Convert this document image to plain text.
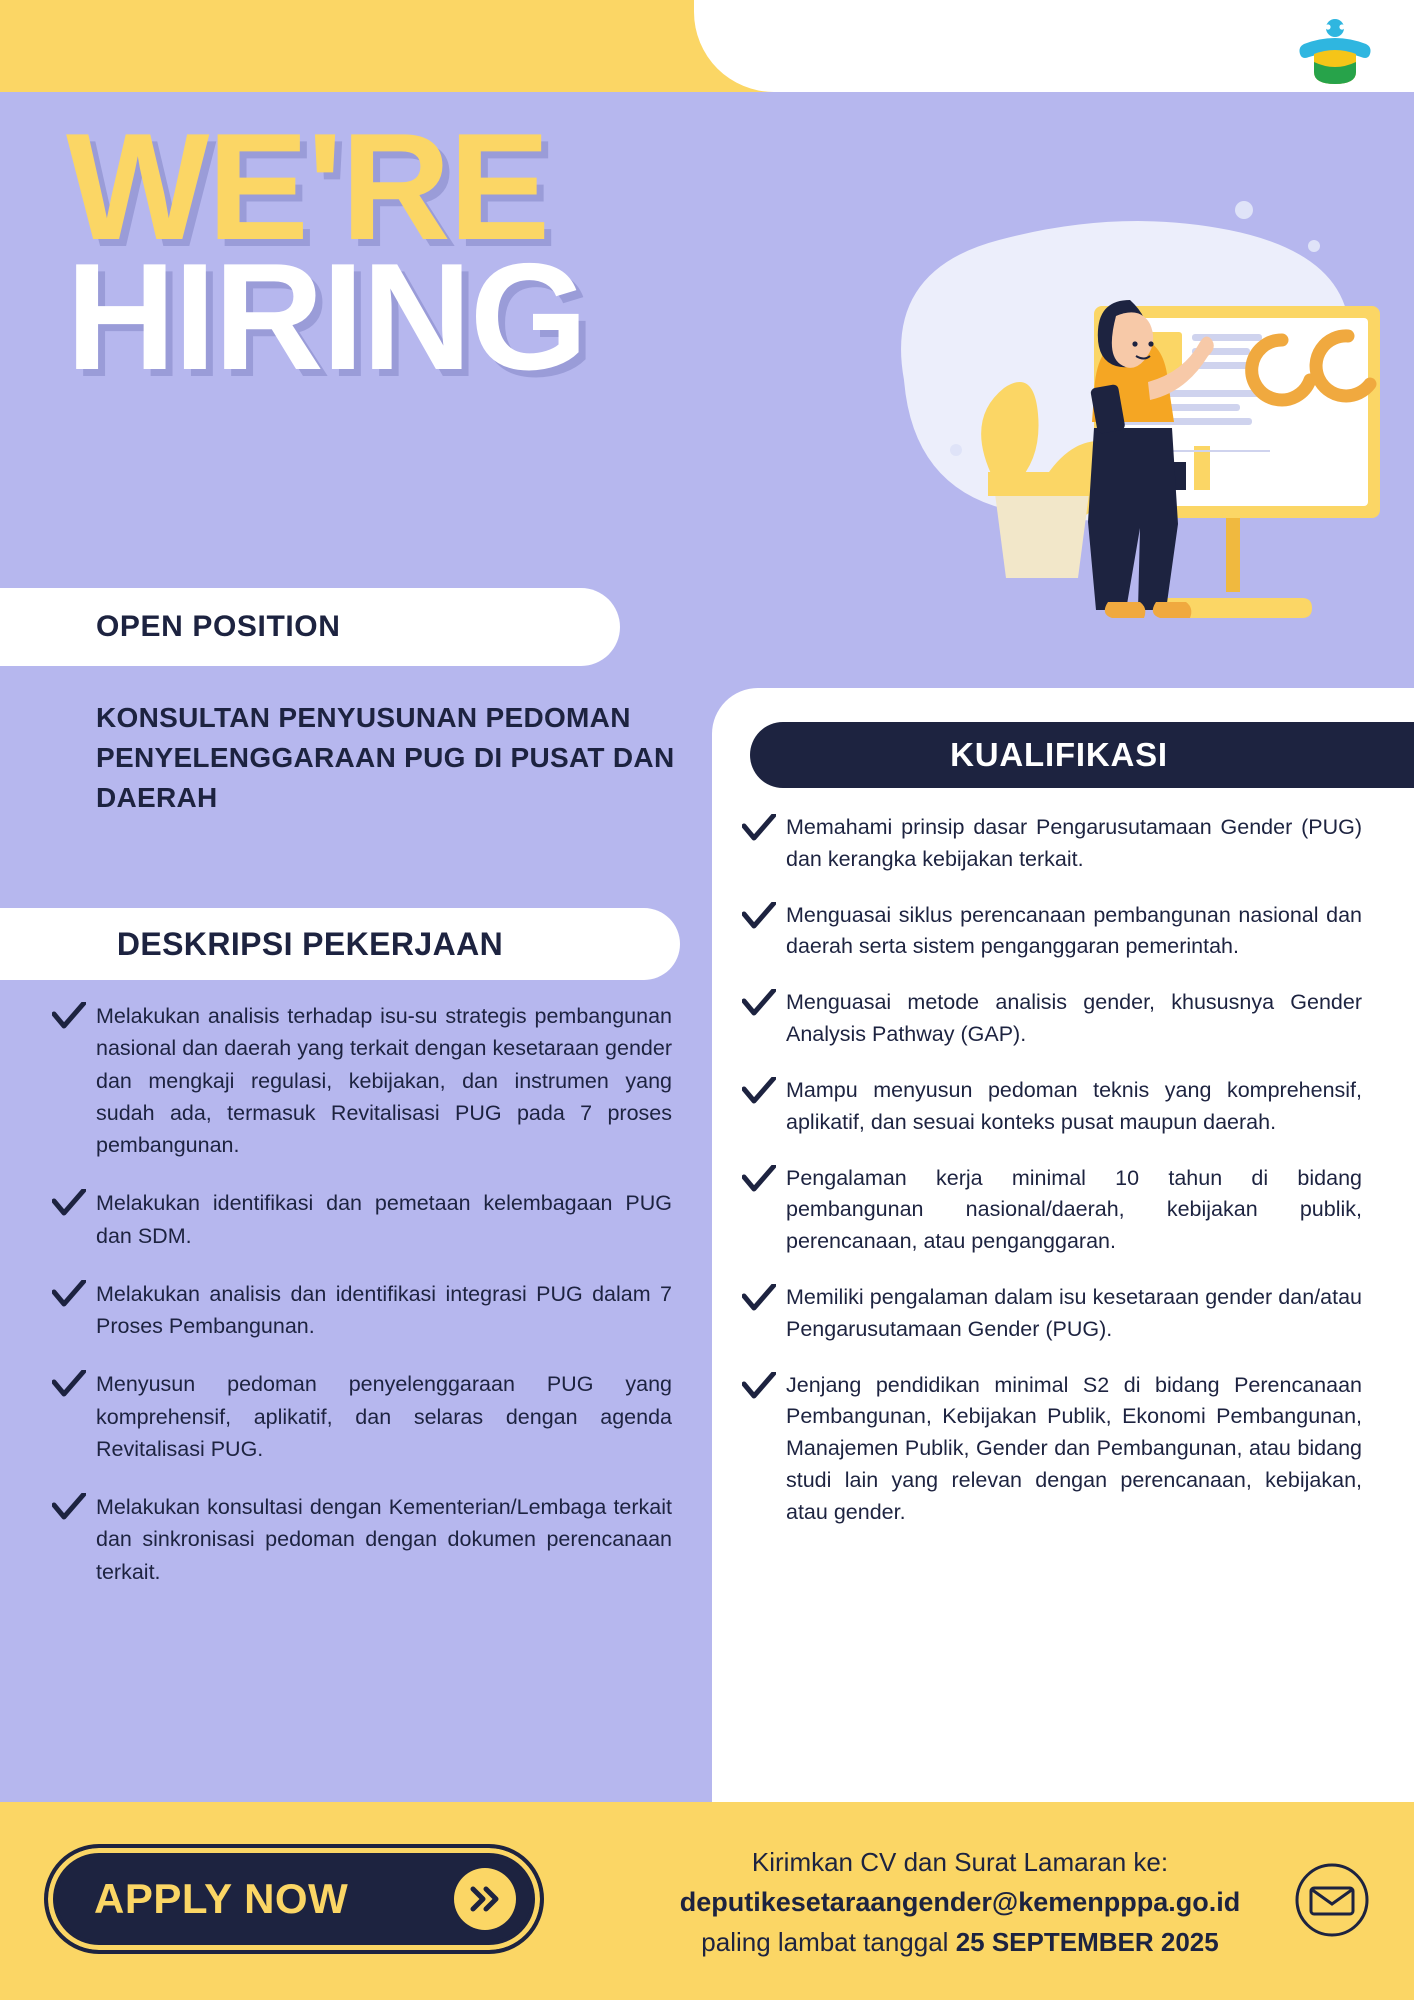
WE'RE
HIRING
OPEN POSITION
KONSULTAN PENYUSUNAN PEDOMAN PENYELENGGARAAN PUG DI PUSAT DAN DAERAH
DESKRIPSI PEKERJAAN

Melakukan analisis terhadap isu-su strategis pembangunan nasional dan daerah yang terkait dengan kesetaraan gender dan mengkaji regulasi, kebijakan, dan instrumen yang sudah ada, termasuk Revitalisasi PUG pada 7 proses pembangunan.

Melakukan identifikasi dan pemetaan kelembagaan PUG dan SDM.

Melakukan analisis dan identifikasi integrasi PUG dalam 7 Proses Pembangunan.

Menyusun pedoman penyelenggaraan PUG yang komprehensif, aplikatif, dan selaras dengan agenda Revitalisasi PUG.

Melakukan konsultasi dengan Kementerian/Lembaga terkait dan sinkronisasi pedoman dengan dokumen perencanaan terkait.

KUALIFIKASI

Memahami prinsip dasar Pengarusutamaan Gender (PUG) dan kerangka kebijakan terkait.

Menguasai siklus perencanaan pembangunan nasional dan daerah serta sistem penganggaran pemerintah.

Menguasai metode analisis gender, khususnya Gender Analysis Pathway (GAP).

Mampu menyusun pedoman teknis yang komprehensif, aplikatif, dan sesuai konteks pusat maupun daerah.

Pengalaman kerja minimal 10 tahun di bidang pembangunan nasional/daerah, kebijakan publik, perencanaan, atau penganggaran.

Memiliki pengalaman dalam isu kesetaraan gender dan/atau Pengarusutamaan Gender (PUG).

Jenjang pendidikan minimal S2 di bidang Perencanaan Pembangunan, Kebijakan Publik, Ekonomi Pembangunan, Manajemen Publik, Gender dan Pembangunan, atau bidang studi lain yang relevan dengan perencanaan, kebijakan, atau gender.

APPLY NOW
Kirimkan CV dan Surat Lamaran ke:
deputikesetaraangender@kemenpppa.go.id
paling lambat tanggal 25 SEPTEMBER 2025
